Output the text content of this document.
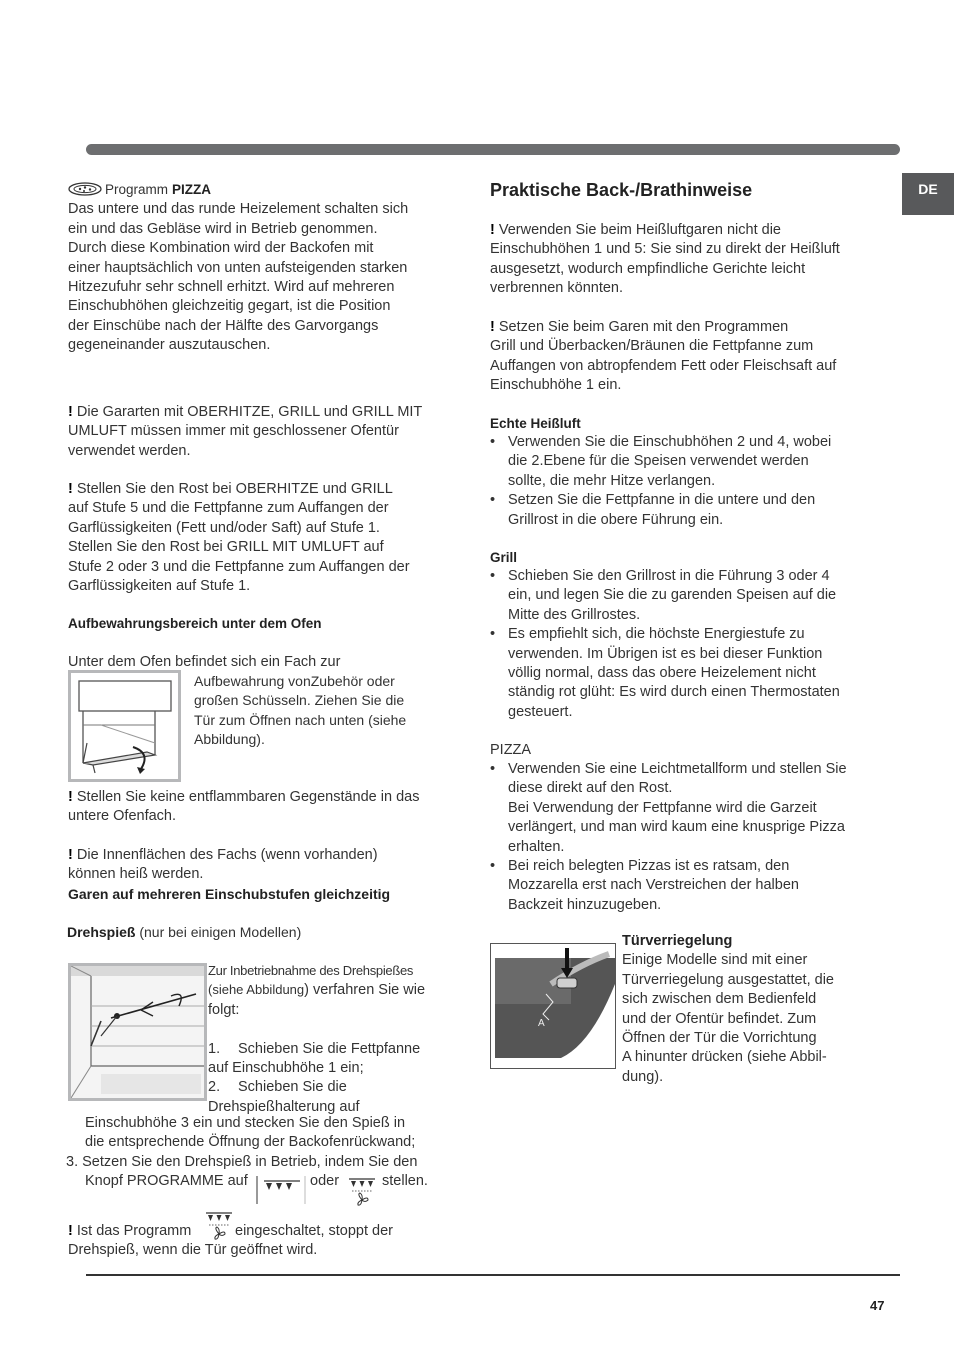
DE
Programm PIZZA
Das untere und das runde Heizelement schalten sich
ein und das Gebläse wird in Betrieb genommen.
Durch diese Kombination wird der Backofen mit
einer hauptsächlich von unten aufsteigenden starken
Hitzezufuhr sehr schnell erhitzt. Wird auf mehreren
Einschubhöhen gleichzeitig gegart, ist die Position
der Einschübe nach der Hälfte des Garvorgangs
gegeneinander auszutauschen.
! Die Gararten mit OBERHITZE, GRILL und GRILL MIT
UMLUFT müssen immer mit geschlossener Ofentür
verwendet werden.
! Stellen Sie den Rost bei OBERHITZE und GRILL
auf Stufe 5 und die Fettpfanne zum Auffangen der
Garflüssigkeiten (Fett und/oder Saft) auf Stufe 1.
Stellen Sie den Rost bei GRILL MIT UMLUFT auf
Stufe 2 oder 3 und die Fettpfanne zum Auffangen der
Garflüssigkeiten auf Stufe 1.

Aufbewahrungsbereich unter dem Ofen

Unter dem Ofen befindet sich ein Fach zur
Aufbewahrung vonZubehör oder
großen Schüsseln. Ziehen Sie die
Tür zum Öffnen nach unten (siehe
Abbildung).
! Stellen Sie keine entflammbaren Gegenstände in das
untere Ofenfach.
! Die Innenflächen des Fachs (wenn vorhanden)
können heiß werden.

Garen auf mehreren Einschubstufen gleichzeitig

Drehspieß (nur bei einigen Modellen)
Zur Inbetriebnahme des Drehspießes
(siehe Abbildung) verfahren Sie wie
folgt:
1. Schieben Sie die Fettpfanne
auf Einschubhöhe 1 ein;
2. Schieben Sie die
Drehspießhalterung auf
Einschubhöhe 3 ein und stecken Sie den Spieß in
die entsprechende Öffnung der Backofenrückwand;
3. Setzen Sie den Drehspieß in Betrieb, indem Sie den
Knopf PROGRAMME auf	oder	stellen.
! Ist das Programm
Drehspieß, wenn die Tür geöffnet wird.
eingeschaltet, stoppt der
Praktische Back-/Brathinweise
! Verwenden Sie beim Heißluftgaren nicht die
Einschubhöhen 1 und 5: Sie sind zu direkt der Heißluft
ausgesetzt, wodurch empfindliche Gerichte leicht
verbrennen könnten.
! Setzen Sie beim Garen mit den Programmen
Grill und Überbacken/Bräunen die Fettpfanne zum
Auffangen von abtropfendem Fett oder Fleischsaft auf
Einschubhöhe 1 ein.

Echte Heißluft

• Verwenden Sie die Einschubhöhen 2 und 4, wobei
die 2.Ebene für die Speisen verwendet werden
sollte, die mehr Hitze verlangen.
• Setzen Sie die Fettpfanne in die untere und den
Grillrost in die obere Führung ein.

Grill

• Schieben Sie den Grillrost in die Führung 3 oder 4
ein, und legen Sie die zu garenden Speisen auf die
Mitte des Grillrostes.
• Es empfiehlt sich, die höchste Energiestufe zu
verwenden. Im Übrigen ist es bei dieser Funktion
völlig normal, dass das obere Heizelement nicht
ständig rot glüht: Es wird durch einen Thermostaten
gesteuert.
PIZZA
• Verwenden Sie eine Leichtmetallform und stellen Sie
diese direkt auf den Rost.
Bei Verwendung der Fettpfanne wird die Garzeit
verlängert, und man wird kaum eine knusprige Pizza
erhalten.
• Bei reich belegten Pizzas ist es ratsam, den
Mozzarella erst nach Verstreichen der halben
Backzeit hinzuzugeben.
A
Türverriegelung
Einige Modelle sind mit einer
Türverriegelung ausgestattet, die
sich zwischen dem Bedienfeld
und der Ofentür befindet. Zum
Öffnen der Tür die Vorrichtung
A hinunter drücken (siehe Abbil-
dung).
47
